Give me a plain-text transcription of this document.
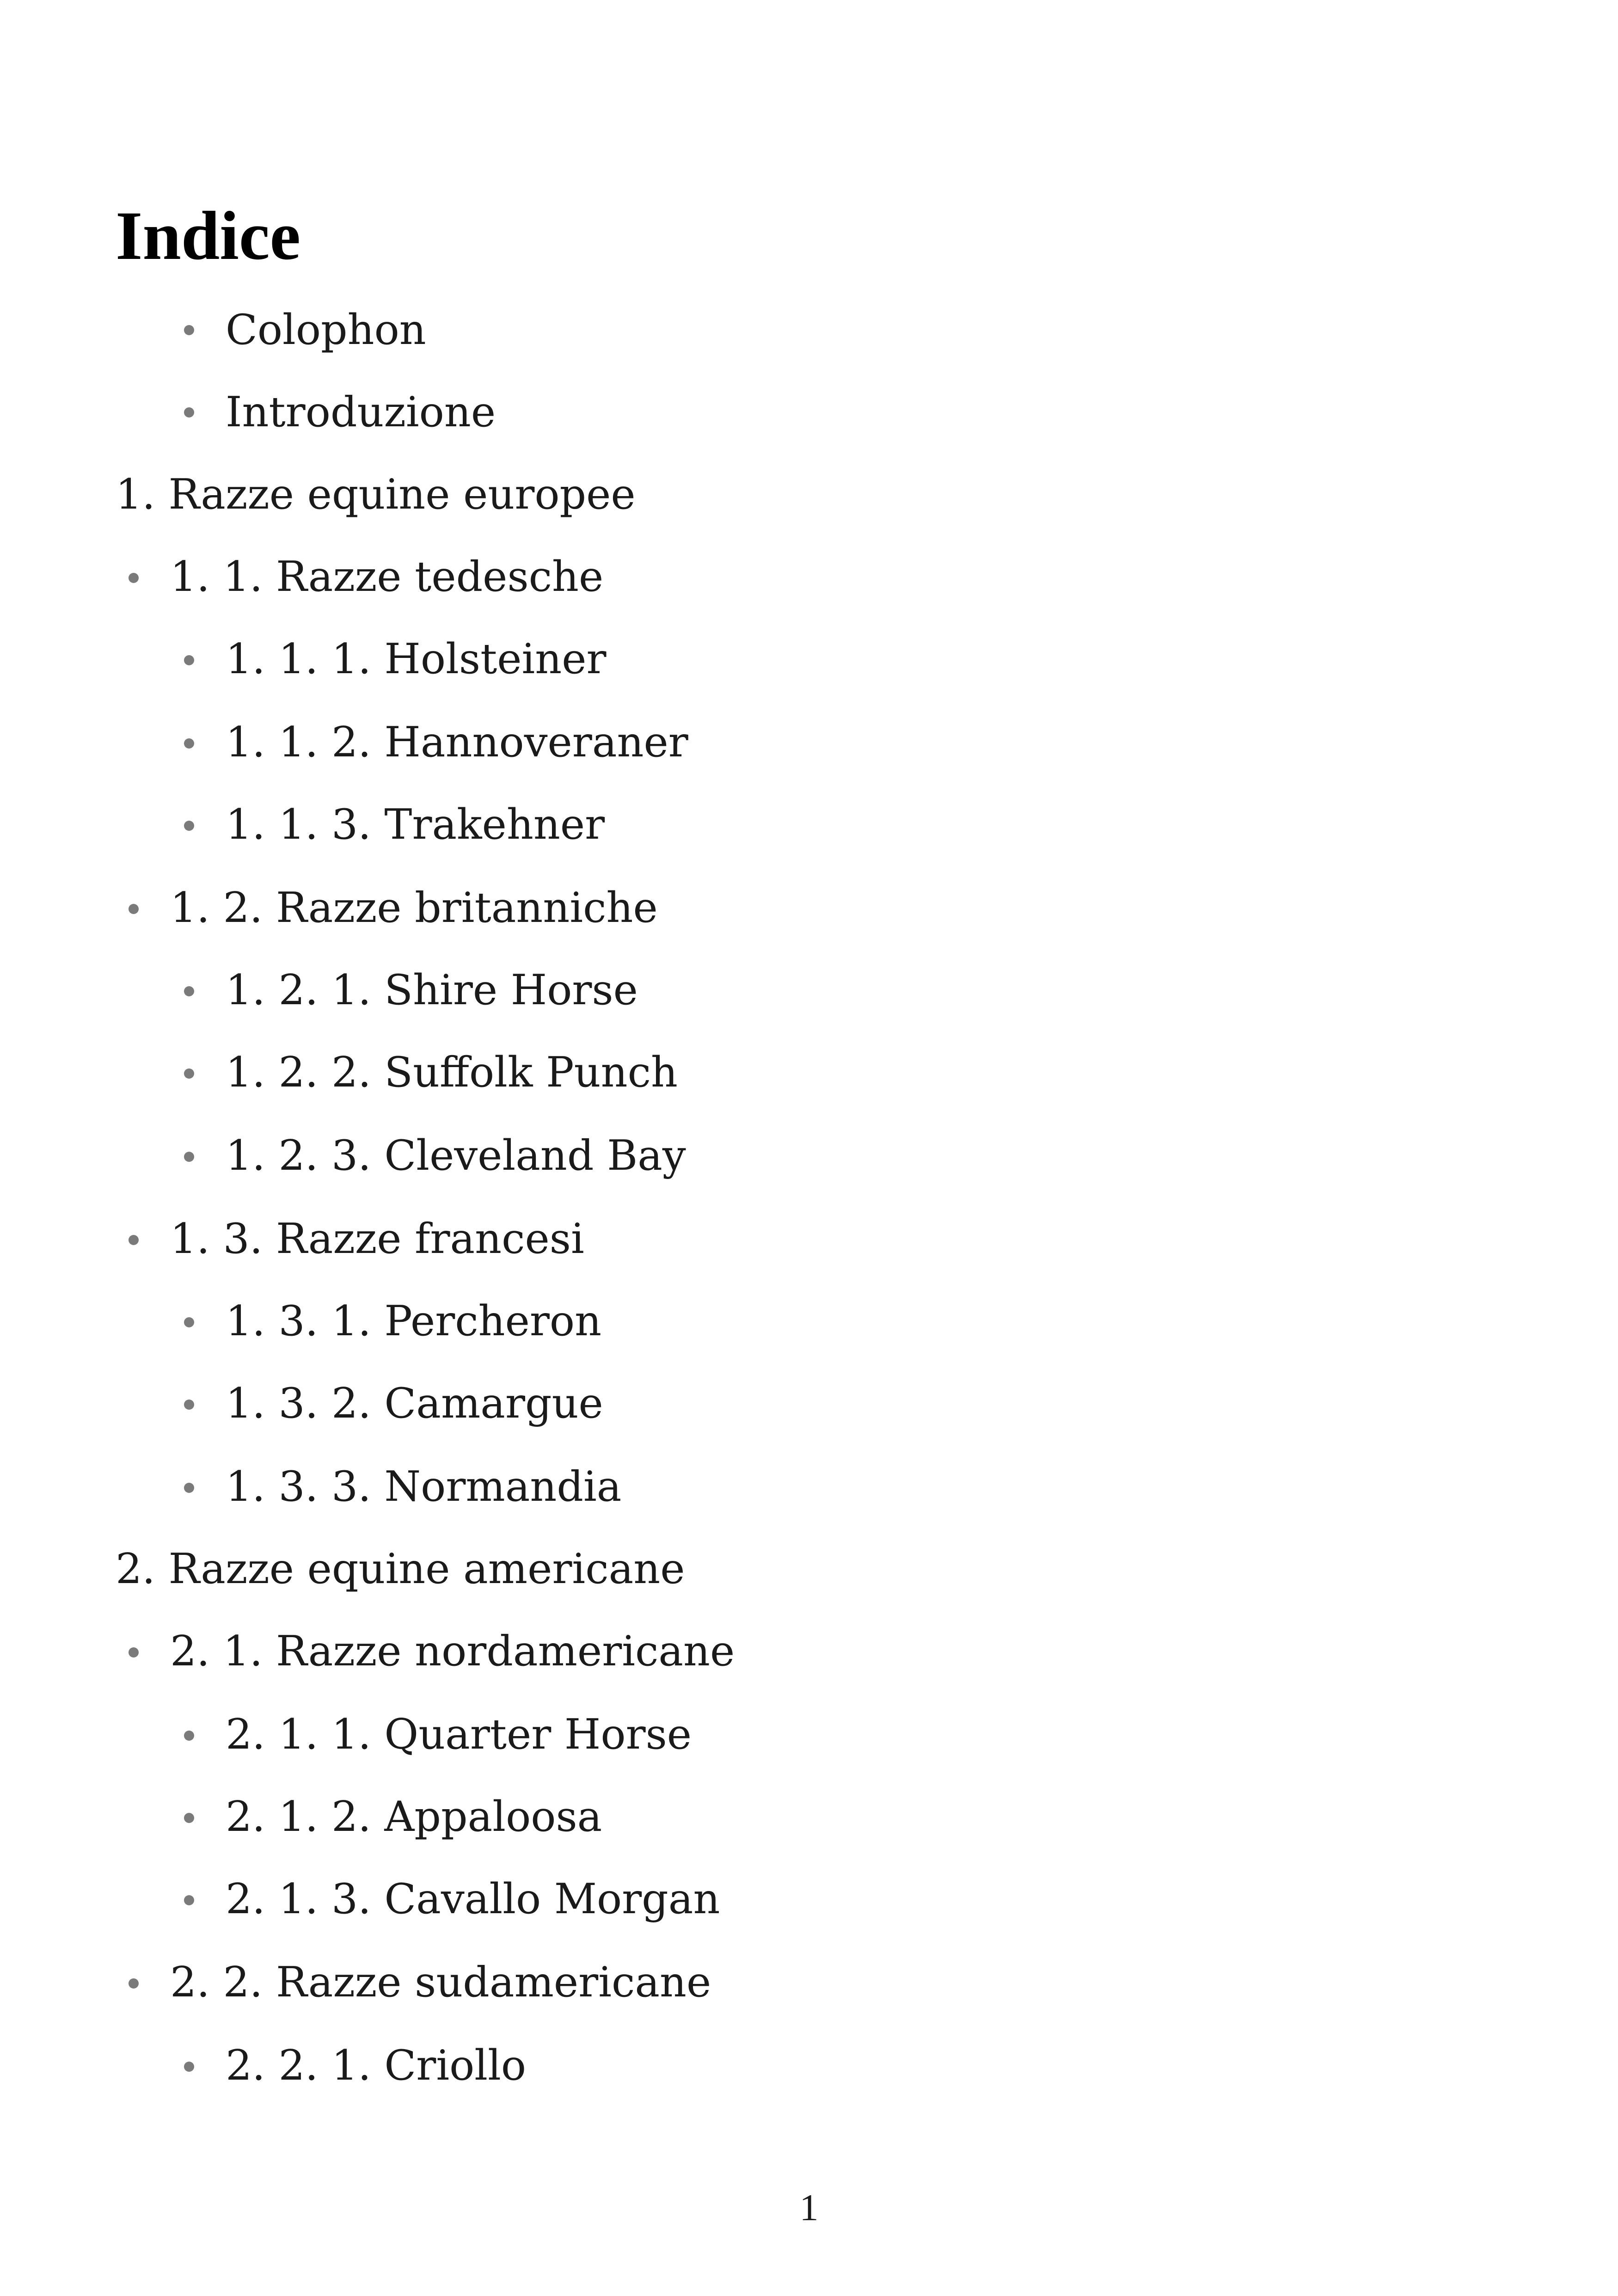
Indice

Colophon

Introduzione

1. Razze equine europee

1. 1. Razze tedesche

1. 1. 1. Holsteiner

1. 1. 2. Hannoveraner

1. 1. 3. Trakehner

1. 2. Razze britanniche

1. 2. 1. Shire Horse

1. 2. 2. Suffolk Punch

1. 2. 3. Cleveland Bay

1. 3. Razze francesi

1. 3. 1. Percheron

1. 3. 2. Camargue

1. 3. 3. Normandia

2. Razze equine americane

2. 1. Razze nordamericane

2. 1. 1. Quarter Horse

2. 1. 2. Appaloosa

2. 1. 3. Cavallo Morgan

2. 2. Razze sudamericane

2. 2. 1. Criollo

1
